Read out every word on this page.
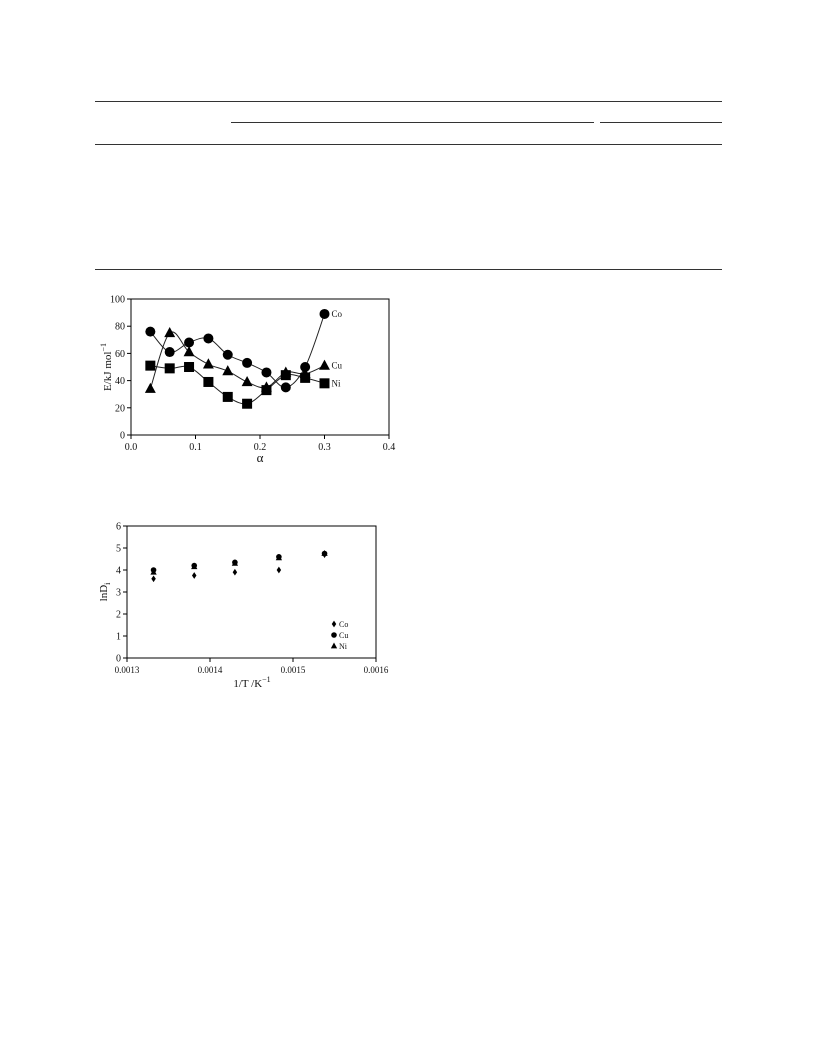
0.0	0.1	0.2	0.3	0.4
0
20
40
60
80
100
Co
Cu
Ni
α
E/kJ mol$^{-1}$
0.0013	0.0014	0.0015	0.0016
0
1
2
3
4
5
6
Co
Cu
Ni
1/T $/K^{-1}$
lnD$_i$
